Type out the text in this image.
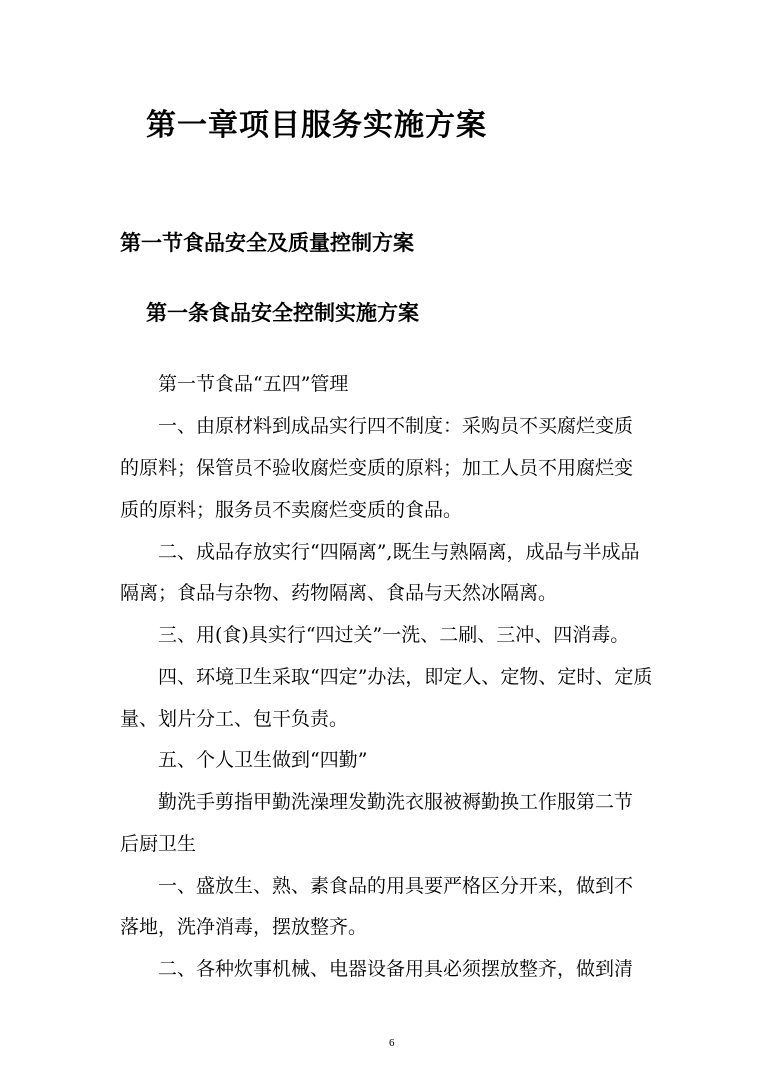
第一章项目服务实施方案
第一节食品安全及质量控制方案
第一条食品安全控制实施方案
第一节食品“五四”管理
一、由原材料到成品实行四不制度：采购员不买腐烂变质
的原料；保管员不验收腐烂变质的原料；加工人员不用腐烂变
质的原料；服务员不卖腐烂变质的食品。
二、成品存放实行“四隔离”,既生与熟隔离，成品与半成品
隔离；食品与杂物、药物隔离、食品与天然冰隔离。
三、用(食)具实行“四过关”一洗、二刷、三冲、四消毒。
四、环境卫生采取“四定”办法，即定人、定物、定时、定质
量、划片分工、包干负责。
五、个人卫生做到“四勤”
勤洗手剪指甲勤洗澡理发勤洗衣服被褥勤换工作服第二节
后厨卫生
一、盛放生、熟、素食品的用具要严格区分开来，做到不
落地，洗净消毒，摆放整齐。
二、各种炊事机械、电器设备用具必须摆放整齐，做到清
6
